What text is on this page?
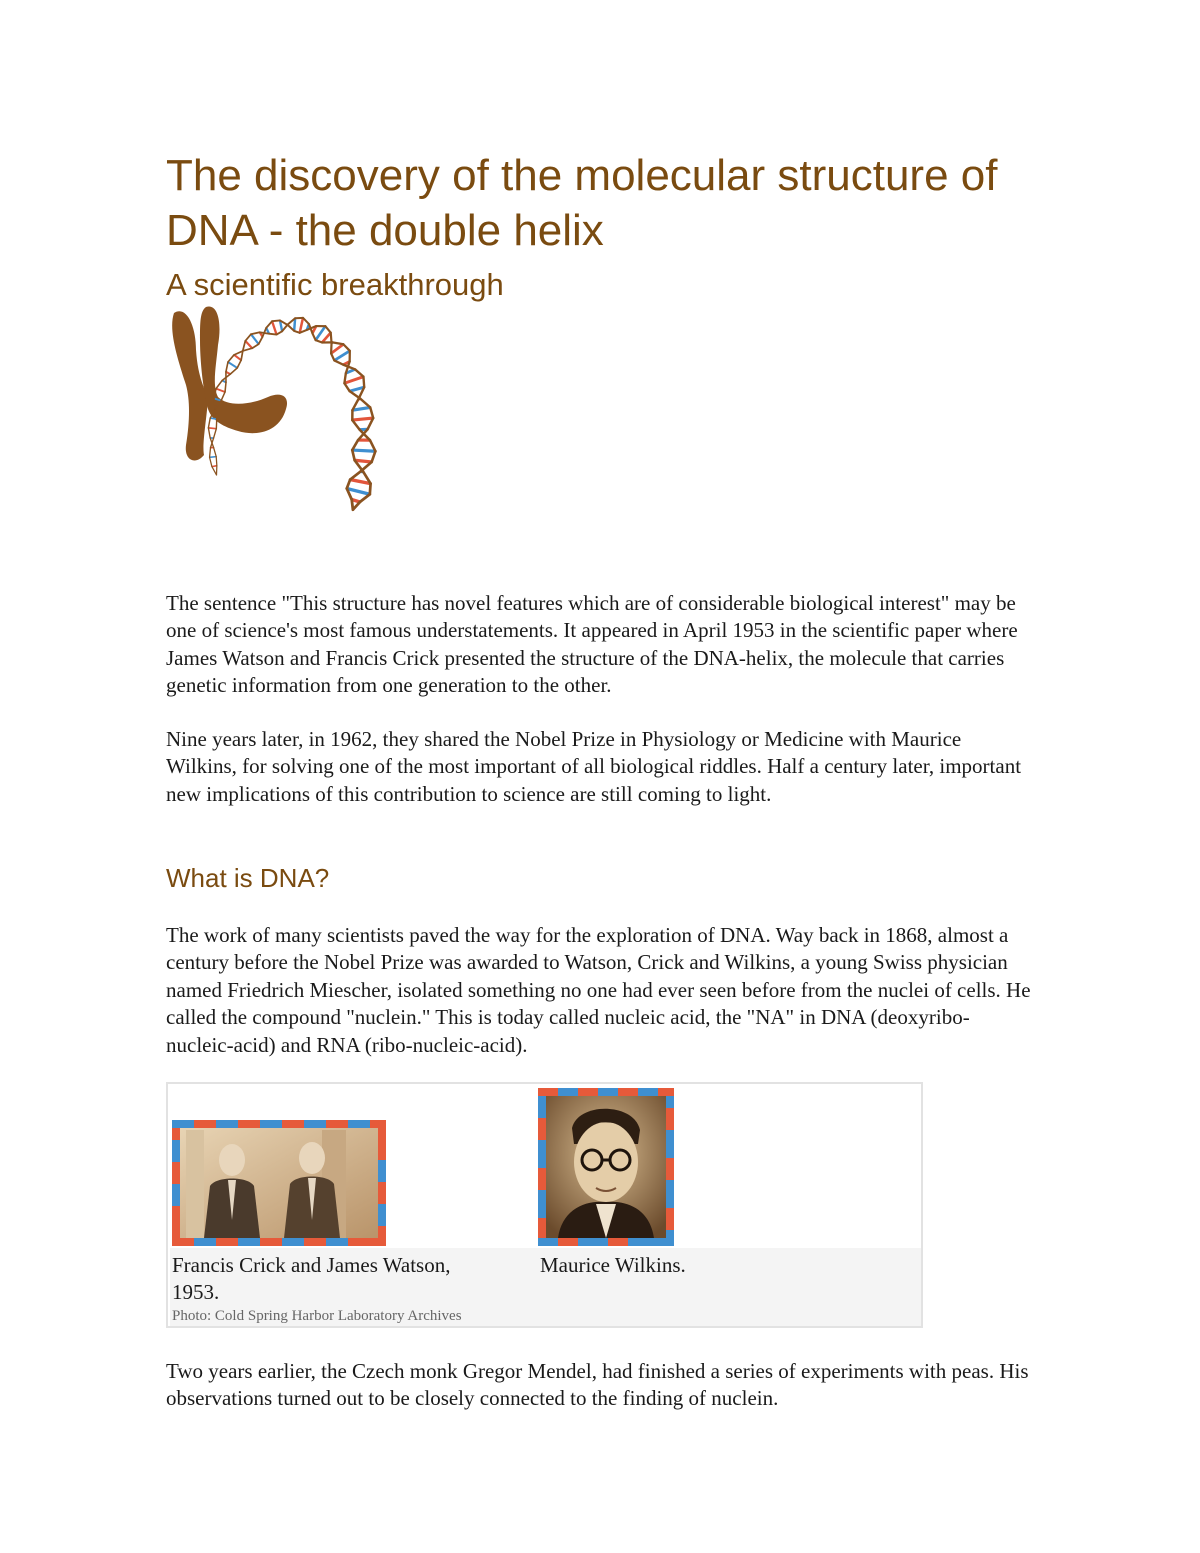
The discovery of the molecular structure of DNA - the double helix
A scientific breakthrough

The sentence "This structure has novel features which are of considerable biological interest" may be one of science's most famous understatements. It appeared in April 1953 in the scientific paper where James Watson and Francis Crick presented the structure of the DNA-helix, the molecule that carries genetic information from one generation to the other.

Nine years later, in 1962, they shared the Nobel Prize in Physiology or Medicine with Maurice Wilkins, for solving one of the most important of all biological riddles. Half a century later, important new implications of this contribution to science are still coming to light.

What is DNA?

The work of many scientists paved the way for the exploration of DNA. Way back in 1868, almost a century before the Nobel Prize was awarded to Watson, Crick and Wilkins, a young Swiss physician named Friedrich Miescher, isolated something no one had ever seen before from the nuclei of cells. He called the compound "nuclein." This is today called nucleic acid, the "NA" in DNA (deoxyribo-nucleic-acid) and RNA (ribo-nucleic-acid).

Francis Crick and James Watson, 1953.
Photo: Cold Spring Harbor Laboratory Archives
Maurice Wilkins.

Two years earlier, the Czech monk Gregor Mendel, had finished a series of experiments with peas. His observations turned out to be closely connected to the finding of nuclein.
